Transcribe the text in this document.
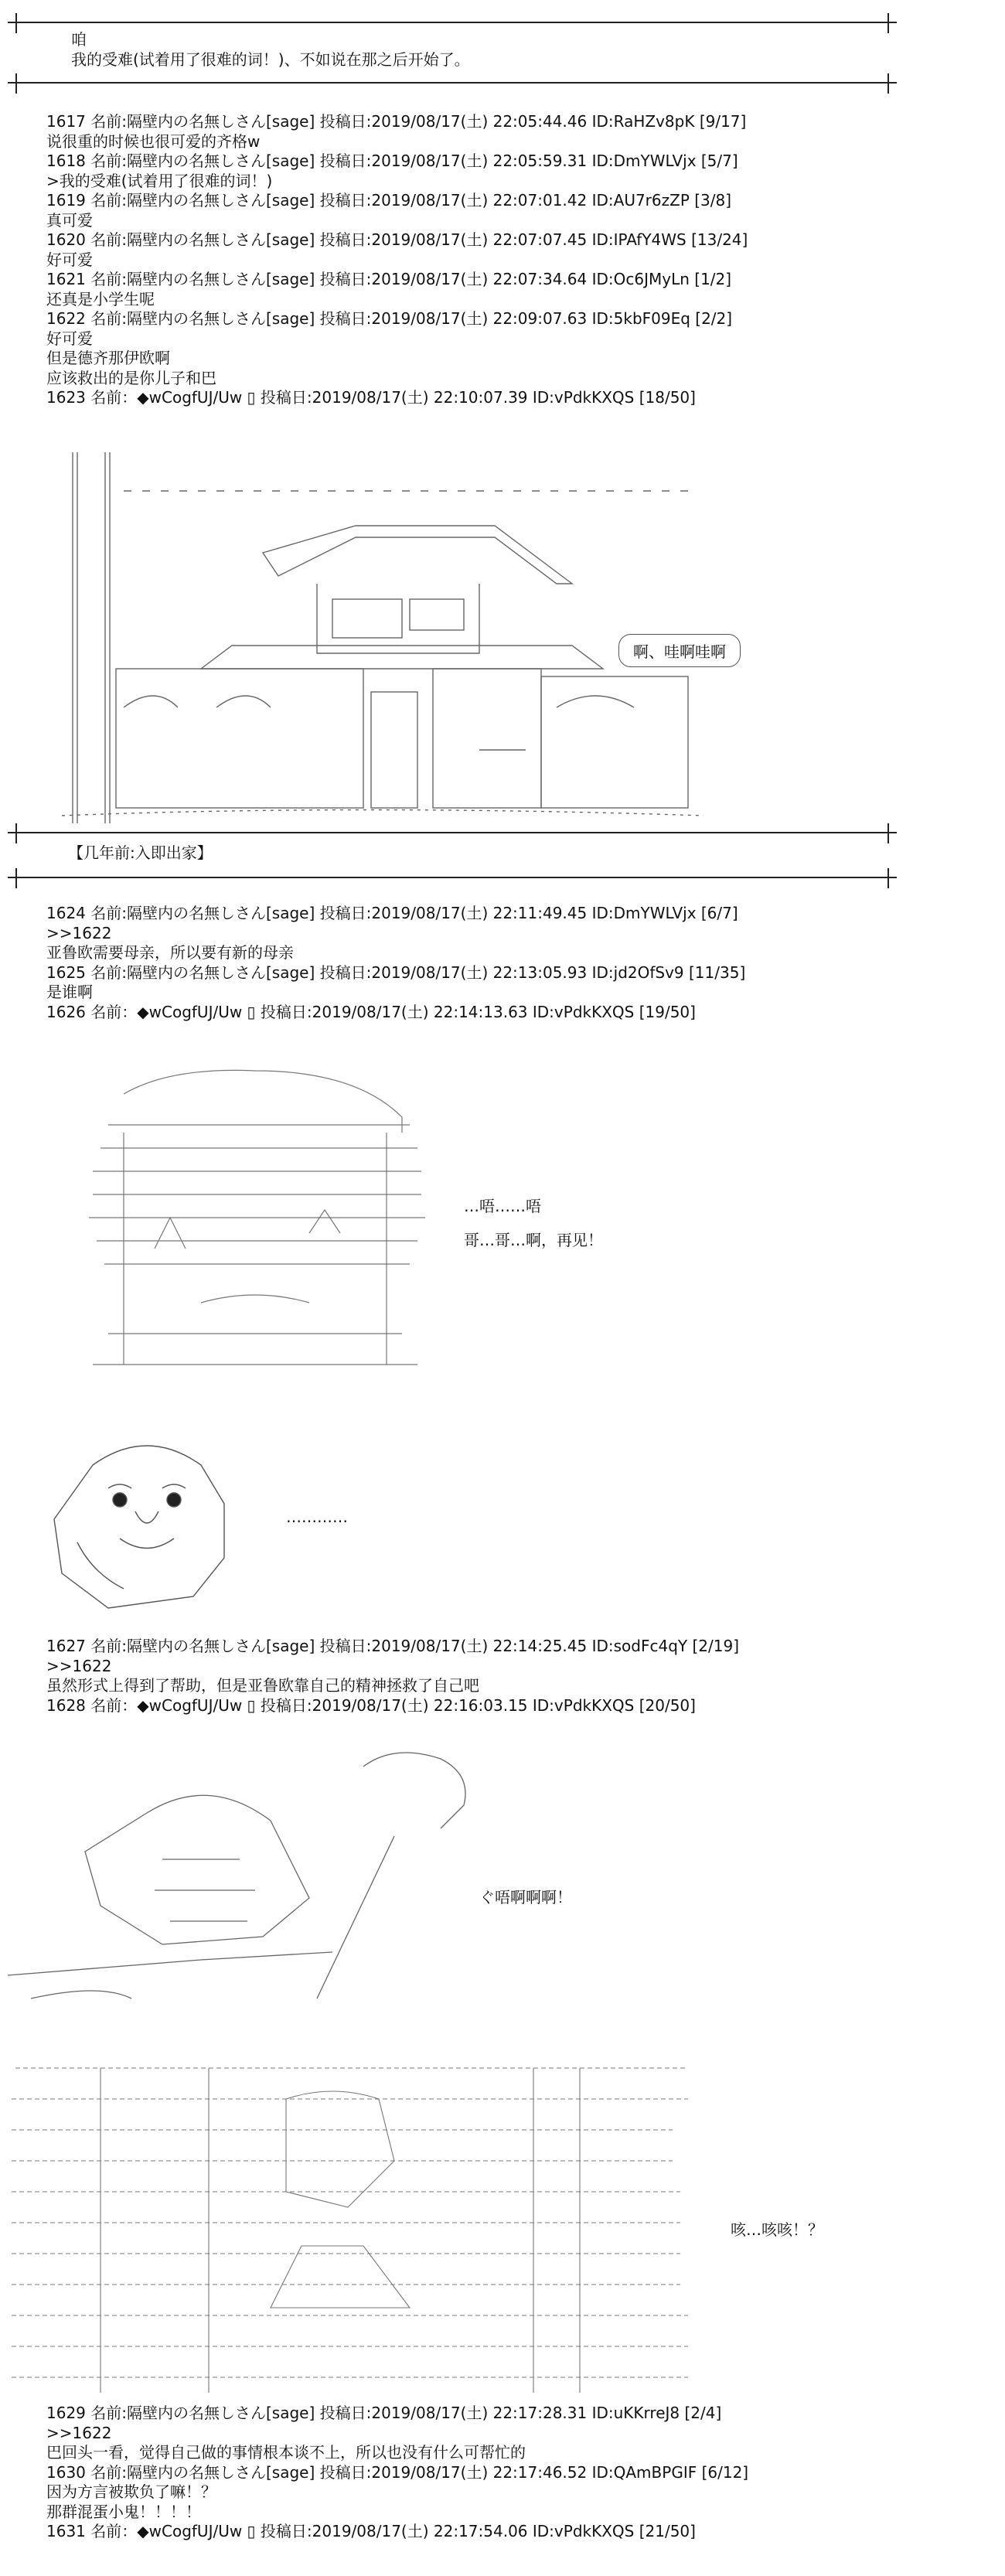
咱
我的受难(试着用了很难的词！)、不如说在那之后开始了。
1617 名前:隔壁内の名無しさん[sage] 投稿日:2019/08/17(土) 22:05:44.46 ID:RaHZv8pK [9/17]
说很重的时候也很可爱的齐格w
1618 名前:隔壁内の名無しさん[sage] 投稿日:2019/08/17(土) 22:05:59.31 ID:DmYWLVjx [5/7]
>我的受难(试着用了很难的词！)
1619 名前:隔壁内の名無しさん[sage] 投稿日:2019/08/17(土) 22:07:01.42 ID:AU7r6zZP [3/8]
真可爱
1620 名前:隔壁内の名無しさん[sage] 投稿日:2019/08/17(土) 22:07:07.45 ID:IPAfY4WS [13/24]
好可爱
1621 名前:隔壁内の名無しさん[sage] 投稿日:2019/08/17(土) 22:07:34.64 ID:Oc6JMyLn [1/2]
还真是小学生呢
1622 名前:隔壁内の名無しさん[sage] 投稿日:2019/08/17(土) 22:09:07.63 ID:5kbF09Eq [2/2]
好可爱
但是德齐那伊欧啊
应该救出的是你儿子和巴
1623 名前：◆wCogfUJ/Uw ▯ 投稿日:2019/08/17(土) 22:10:07.39 ID:vPdkKXQS [18/50]
啊、哇啊哇啊
【几年前:入即出家】
1624 名前:隔壁内の名無しさん[sage] 投稿日:2019/08/17(土) 22:11:49.45 ID:DmYWLVjx [6/7]
>>1622
亚鲁欧需要母亲，所以要有新的母亲
1625 名前:隔壁内の名無しさん[sage] 投稿日:2019/08/17(土) 22:13:05.93 ID:jd2OfSv9 [11/35]
是谁啊
1626 名前：◆wCogfUJ/Uw ▯ 投稿日:2019/08/17(土) 22:14:13.63 ID:vPdkKXQS [19/50]
…唔……唔
哥…哥…啊，再见！
…………
1627 名前:隔壁内の名無しさん[sage] 投稿日:2019/08/17(土) 22:14:25.45 ID:sodFc4qY [2/19]
>>1622
虽然形式上得到了帮助，但是亚鲁欧靠自己的精神拯救了自己吧
1628 名前：◆wCogfUJ/Uw ▯ 投稿日:2019/08/17(土) 22:16:03.15 ID:vPdkKXQS [20/50]
ぐ唔啊啊啊！
咳…咳咳！？
1629 名前:隔壁内の名無しさん[sage] 投稿日:2019/08/17(土) 22:17:28.31 ID:uKKrreJ8 [2/4]
>>1622
巴回头一看，觉得自己做的事情根本谈不上，所以也没有什么可帮忙的
1630 名前:隔壁内の名無しさん[sage] 投稿日:2019/08/17(土) 22:17:46.52 ID:QAmBPGIF [6/12]
因为方言被欺负了嘛！？
那群混蛋小鬼！！！！
1631 名前：◆wCogfUJ/Uw ▯ 投稿日:2019/08/17(土) 22:17:54.06 ID:vPdkKXQS [21/50]
